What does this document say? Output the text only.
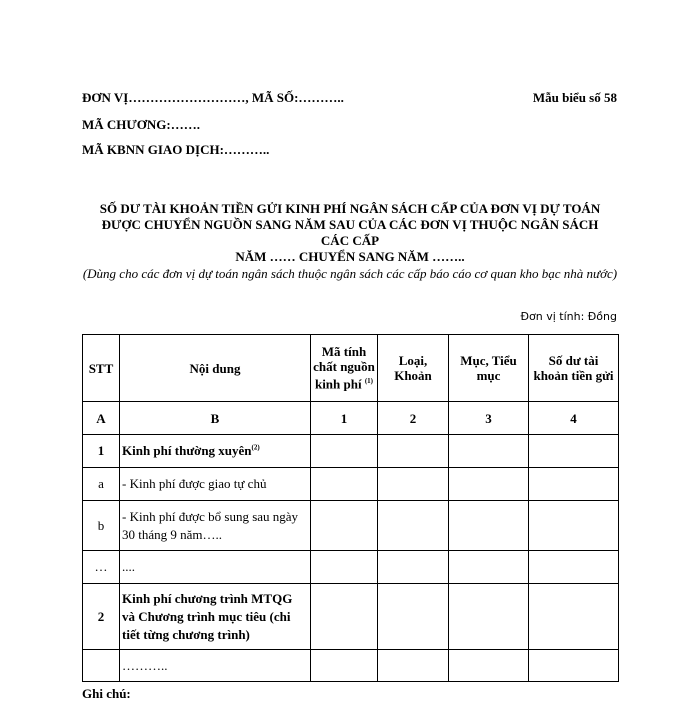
ĐƠN VỊ………………………, MÃ SỐ:………..	Mẫu biểu số 58
MÃ CHƯƠNG:…….
MÃ KBNN GIAO DỊCH:………..
SỐ DƯ TÀI KHOẢN TIỀN GỬI KINH PHÍ NGÂN SÁCH CẤP CỦA ĐƠN VỊ DỰ TOÁN
ĐƯỢC CHUYỂN NGUỒN SANG NĂM SAU CỦA CÁC ĐƠN VỊ THUỘC NGÂN SÁCH
CÁC CẤP
NĂM …… CHUYỂN SANG NĂM ……..
(Dùng cho các đơn vị dự toán ngân sách thuộc ngân sách các cấp báo cáo cơ quan kho bạc nhà nước)
Đơn vị tính: Đồng
STT	Nội dung	Mã tính chất nguồn kinh phí $^{(1)}$	Loại, Khoản	Mục, Tiểu mục	Số dư tài khoản tiền gửi
A	B	1	2	3	4
1	Kinh phí thường xuyên$^{(2)}$				
a	- Kinh phí được giao tự chủ				
b	- Kinh phí được bổ sung sau ngày 30 tháng 9 năm…..				
…	....				
2	Kinh phí chương trình MTQG và Chương trình mục tiêu (chi tiết từng chương trình)				
	………..				
Ghi chú:
